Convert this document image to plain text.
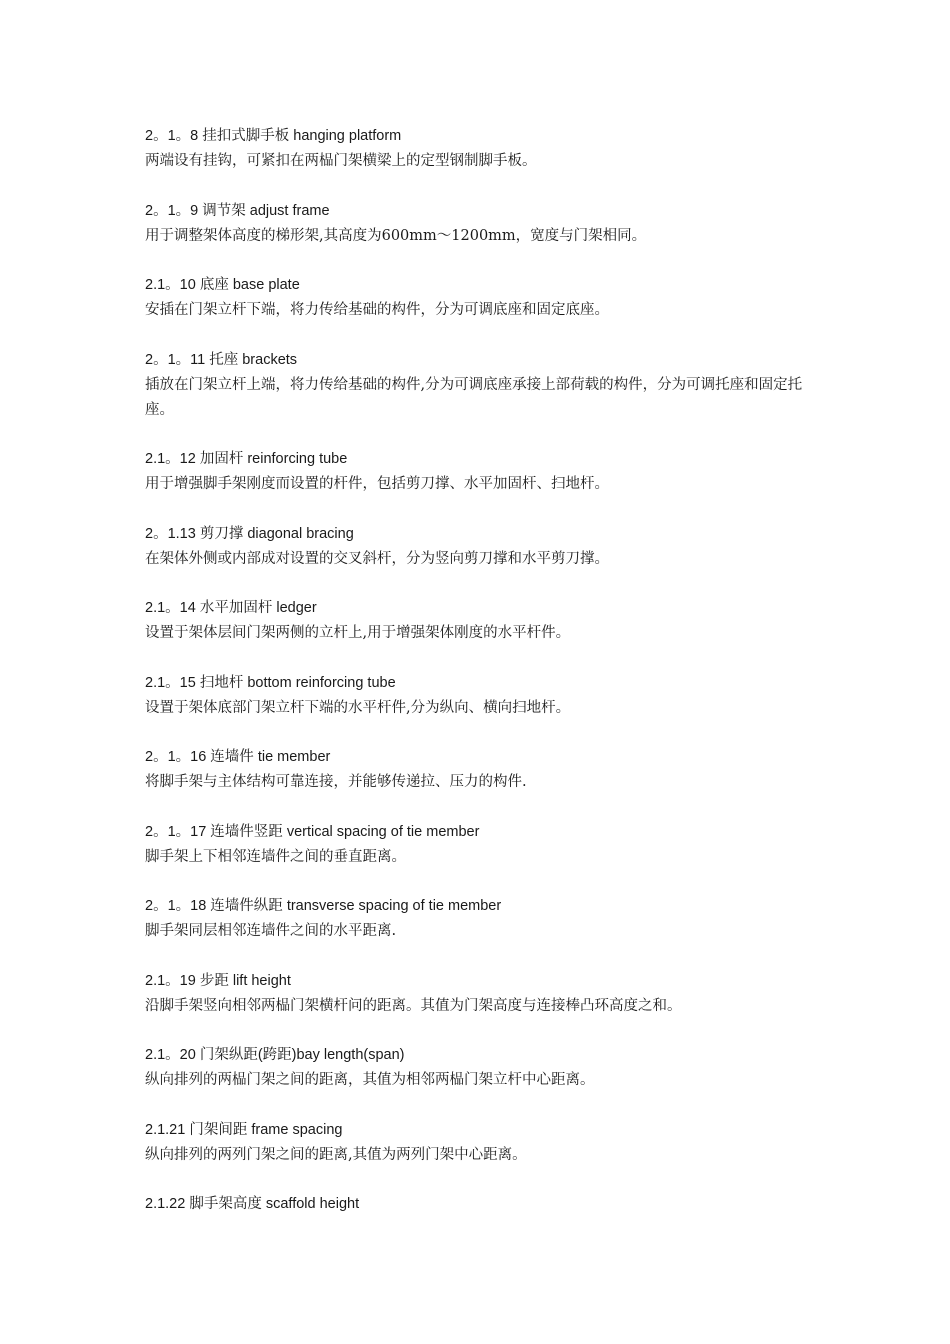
2。1。8 挂扣式脚手板 hanging platform
两端设有挂钩，可紧扣在两榀门架横梁上的定型钢制脚手板。
2。1。9 调节架 adjust frame
用于调整架体高度的梯形架,其高度为600mm～1200mm，宽度与门架相同。
2.1。10 底座 base plate
安插在门架立杆下端，将力传给基础的构件，分为可调底座和固定底座。
2。1。11 托座 brackets
插放在门架立杆上端，将力传给基础的构件,分为可调底座承接上部荷载的构件，分为可调托座和固定托座。
2.1。12 加固杆 reinforcing tube
用于增强脚手架刚度而设置的杆件，包括剪刀撑、水平加固杆、扫地杆。
2。1.13 剪刀撑 diagonal bracing
在架体外侧或内部成对设置的交叉斜杆，分为竖向剪刀撑和水平剪刀撑。
2.1。14 水平加固杆 ledger
设置于架体层间门架两侧的立杆上,用于增强架体刚度的水平杆件。
2.1。15 扫地杆 bottom reinforcing tube
设置于架体底部门架立杆下端的水平杆件,分为纵向、横向扫地杆。
2。1。16 连墙件 tie member
将脚手架与主体结构可靠连接，并能够传递拉、压力的构件.
2。1。17 连墙件竖距 vertical spacing of tie member
脚手架上下相邻连墙件之间的垂直距离。
2。1。18 连墙件纵距 transverse spacing of tie member
脚手架同层相邻连墙件之间的水平距离.
2.1。19 步距 lift height
沿脚手架竖向相邻两榀门架横杆问的距离。其值为门架高度与连接棒凸环高度之和。
2.1。20 门架纵距(跨距)bay length(span)
纵向排列的两榀门架之间的距离，其值为相邻两榀门架立杆中心距离。
2.1.21 门架间距 frame spacing
纵向排列的两列门架之间的距离,其值为两列门架中心距离。
2.1.22 脚手架高度 scaffold height
